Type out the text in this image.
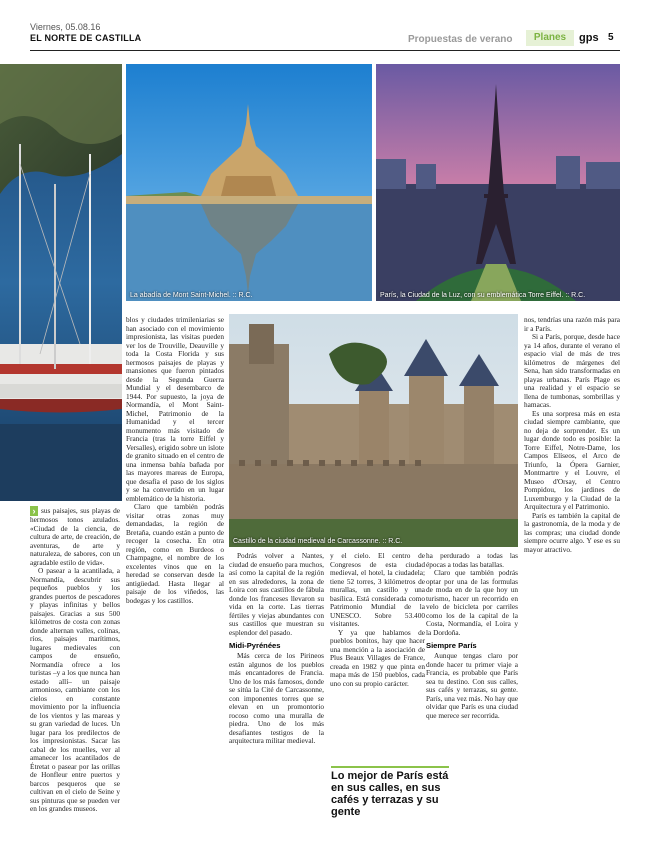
Viernes, 05.08.16
EL NORTE DE CASTILLA	Propuestas de verano	Planes	gps 5
La abadía de Mont Saint-Michel. :: R.C.	París, la Ciudad de la Luz, con su emblemática Torre Eiffel. :: R.C.
Castillo de la ciudad medieval de Carcassonne. :: R.C.

› sus paisajes, sus playas de hermosos tonos azulados. «Ciudad de la ciencia, de cultura de arte, de creación, de aventuras, de arte y naturaleza, de sabores, con un agradable estilo de vida».

O pasear a la acantilada, a Normandía, descubrir sus pequeños pueblos y los grandes puertos de pescadores y playas infinitas y bellos paisajes. Gracias a sus 500 kilómetros de costa con zonas donde alternan valles, colinas, ríos, paisajes marítimos, lugares medievales con campos de ensueño, Normandía ofrece a los turistas –y a los que nunca han estado allí– un paisaje armonioso, cambiante con los cielos en constante movimiento por la influencia de los vientos y las mareas y su gran variedad de luces. Un lugar para los predilectos de los impresionistas. Sacar las cabal de los muelles, ver al amanecer los acantilados de Étretat o pasear por las orillas de Honfleur entre puertos y barcos pesqueros que se cultivan en el cielo de Seine y sus pinturas que se pueden ver en los grandes museos.

blos y ciudades trimileniarias se han asociado con el movimiento impresionista, las visitas pueden ver los de Trouville, Deauville y toda la Costa Florida y sus hermosos paisajes de playas y mansiones que fueron pintados desde la Segunda Guerra Mundial y el desembarco de 1944. Por supuesto, la joya de Normandía, el Mont Saint-Michel, Patrimonio de la Humanidad y el tercer monumento más visitado de Francia (tras la torre Eiffel y Versalles), erigido sobre un islote de granito situado en el centro de una inmensa bahía bañada por las mayores mareas de Europa, que desafía el paso de los siglos y se ha convertido en un lugar emblemático de la historia.

Claro que también podrás visitar otras zonas muy demandadas, la región de Bretaña, cuando están a punto de recoger la cosecha. En otra región, como en Burdeos o Champagne, el nombre de los excelentes vinos que en la heredad se conservan desde la antigüedad. Hasta llegar al paisaje de los viñedos, las bodegas y los castillos.

Podrás volver a Nantes, ciudad de ensueño para muchos, así como la capital de la región en sus alrededores, la zona de Loira con sus castillos de fábula donde los franceses llevaron su vida en la corte. Las tierras fértiles y viejas abundantes con sus castillos que muestran su esplendor del pasado.

Midi-Pyrénées

Más cerca de los Pirineos están algunos de los pueblos más encantadores de Francia. Uno de los más famosos, donde se sitúa la Cité de Carcassonne, con imponentes torres que se elevan en un promontorio rocoso como una muralla de piedra. Uno de los más desafiantes testigos de la arquitectura militar medieval.

y el cielo. El centro de Congresos de esta ciudad medieval, el hotel, la ciudadela; tiene 52 torres, 3 kilómetros de murallas, un castillo y una basílica. Está considerada como Patrimonio Mundial de la UNESCO. Sobre 53.400 visitantes.

Y ya que hablamos de pueblos bonitos, hay que hacer una mención a la asociación de Plus Beaux Villages de France, creada en 1982 y que pinta en mapa más de 150 pueblos, cada uno con su propio carácter.

Lo mejor de París está en sus calles, en sus cafés y terrazas y su gente

ha perdurado a todas las épocas a todas las batallas.

Claro que también podrás optar por una de las formulas de moda en de la que hoy un turismo, hacer un recorrido en velo de bicicleta por carriles como los de la capital de la Costa, Normandía, el Loira y la Dordoña.

Siempre París

Aunque tengas claro por donde hacer tu primer viaje a Francia, es probable que París sea tu destino. Con sus calles, sus cafés y terrazas, su gente. París, una vez más. No hay que olvidar que París es una ciudad que merece ser recorrida.

nos, tendrías una razón más para ir a París.

Si a París, porque, desde hace ya 14 años, durante el verano el espacio vial de más de tres kilómetros de márgenes del Sena, han sido transformadas en playas urbanas. París Plage es una realidad y el espacio se llena de tumbonas, sombrillas y hamacas.

Es una sorpresa más en esta ciudad siempre cambiante, que no deja de sorprender. Es un lugar donde todo es posible: la Torre Eiffel, Notre-Dame, los Campos Elíseos, el Arco de Triunfo, la Ópera Garnier, Montmartre y el Louvre, el Museo d'Orsay, el Centro Pompidou, los jardines de Luxemburgo y la Ciudad de la Arquitectura y el Patrimonio.

París es también la capital de la gastronomía, de la moda y de las compras; una ciudad donde siempre ocurre algo. Y ese es su mayor atractivo.
